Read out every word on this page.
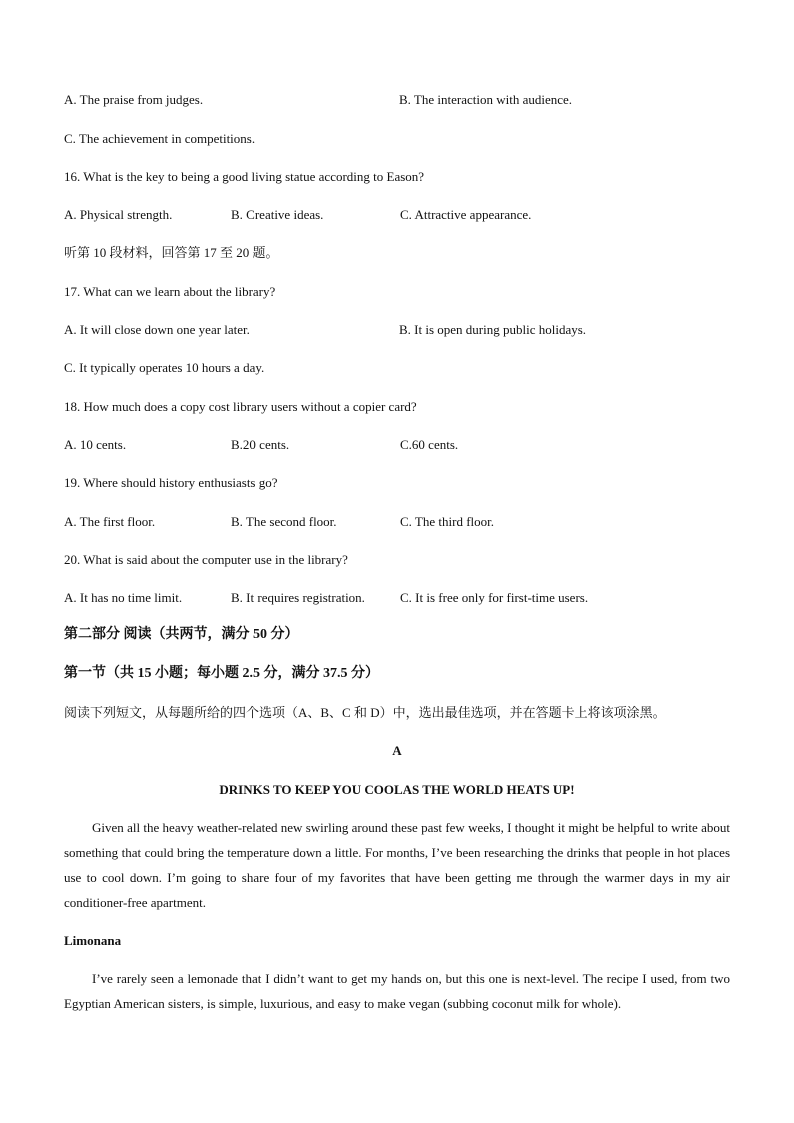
A. The praise from judges.	B. The interaction with audience.
C. The achievement in competitions.
16. What is the key to being a good living statue according to Eason?
A. Physical strength.	B. Creative ideas.	C. Attractive appearance.
听第 10 段材料，回答第 17 至 20 题。
17. What can we learn about the library?
A. It will close down one year later.	B. It is open during public holidays.
C. It typically operates 10 hours a day.
18. How much does a copy cost library users without a copier card?
A. 10 cents.	B.20 cents.	C.60 cents.
19. Where should history enthusiasts go?
A. The first floor.	B. The second floor.	C. The third floor.
20. What is said about the computer use in the library?
A. It has no time limit.	B. It requires registration.	C. It is free only for first-time users.
第二部分 阅读（共两节，满分 50 分）
第一节（共 15 小题；每小题 2.5 分，满分 37.5 分）
阅读下列短文，从每题所给的四个选项（A、B、C 和 D）中，选出最佳选项，并在答题卡上将该项涂黑。
A
DRINKS TO KEEP YOU COOLAS THE WORLD HEATS UP!
Given all the heavy weather-related new swirling around these past few weeks, I thought it might be helpful to write about something that could bring the temperature down a little. For months, I’ve been researching the drinks that people in hot places use to cool down. I’m going to share four of my favorites that have been getting me through the warmer days in my air conditioner-free apartment.
Limonana
I’ve rarely seen a lemonade that I didn’t want to get my hands on, but this one is next-level. The recipe I used, from two Egyptian American sisters, is simple, luxurious, and easy to make vegan (subbing coconut milk for whole).
